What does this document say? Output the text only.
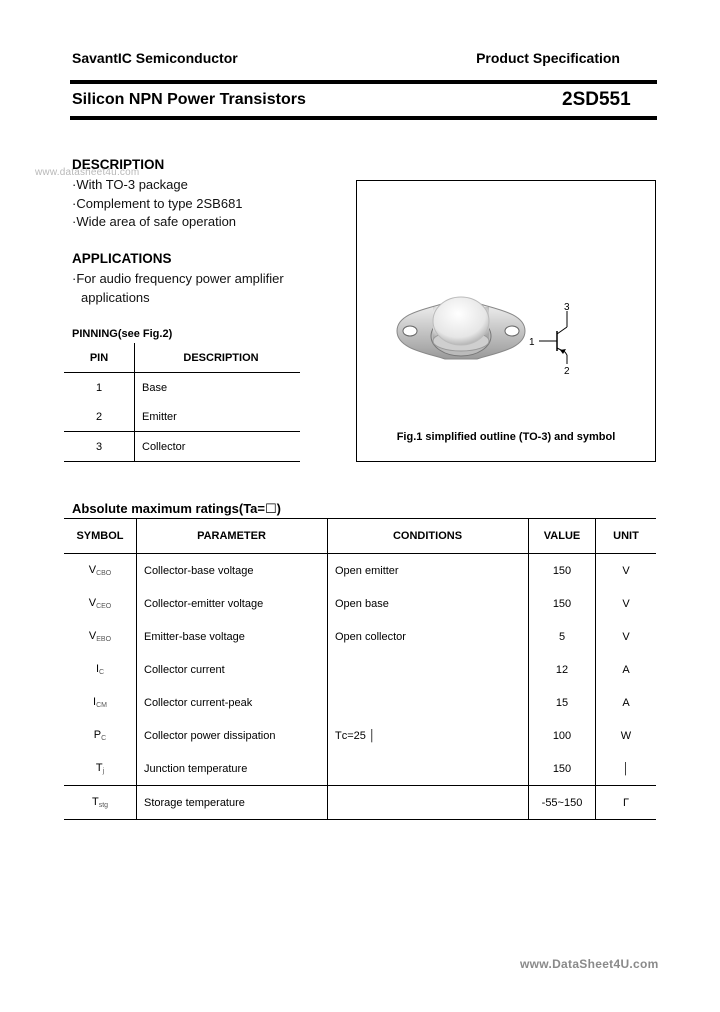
SavantIC Semiconductor	Product Specification
Silicon NPN Power Transistors	2SD551
DESCRIPTION
www.datasheet4u.com
·With TO-3 package
·Complement to type 2SB681
·Wide area of safe operation
APPLICATIONS
·For audio frequency power amplifier
applications
PINNING(see Fig.2)
PIN	DESCRIPTION
1	Base
2	Emitter
3	Collector
1
3
2
Fig.1 simplified outline (TO-3) and symbol
Absolute maximum ratings(Ta=☐)
SYMBOL	PARAMETER	CONDITIONS	VALUE	UNIT
$V_{CBO}$	Collector-base voltage	Open emitter	150	V
$V_{CEO}$	Collector-emitter voltage	Open base	150	V
$V_{EBO}$	Emitter-base voltage	Open collector	5	V
$I_C$	Collector current		12	A
$I_{CM}$	Collector current-peak		15	A
$P_C$	Collector power dissipation	Tᴄ=25 │	100	W
$T_j$	Junction temperature		150	│
$T_{stg}$	Storage temperature		-55~150	Γ
www.DataSheet4U.com
